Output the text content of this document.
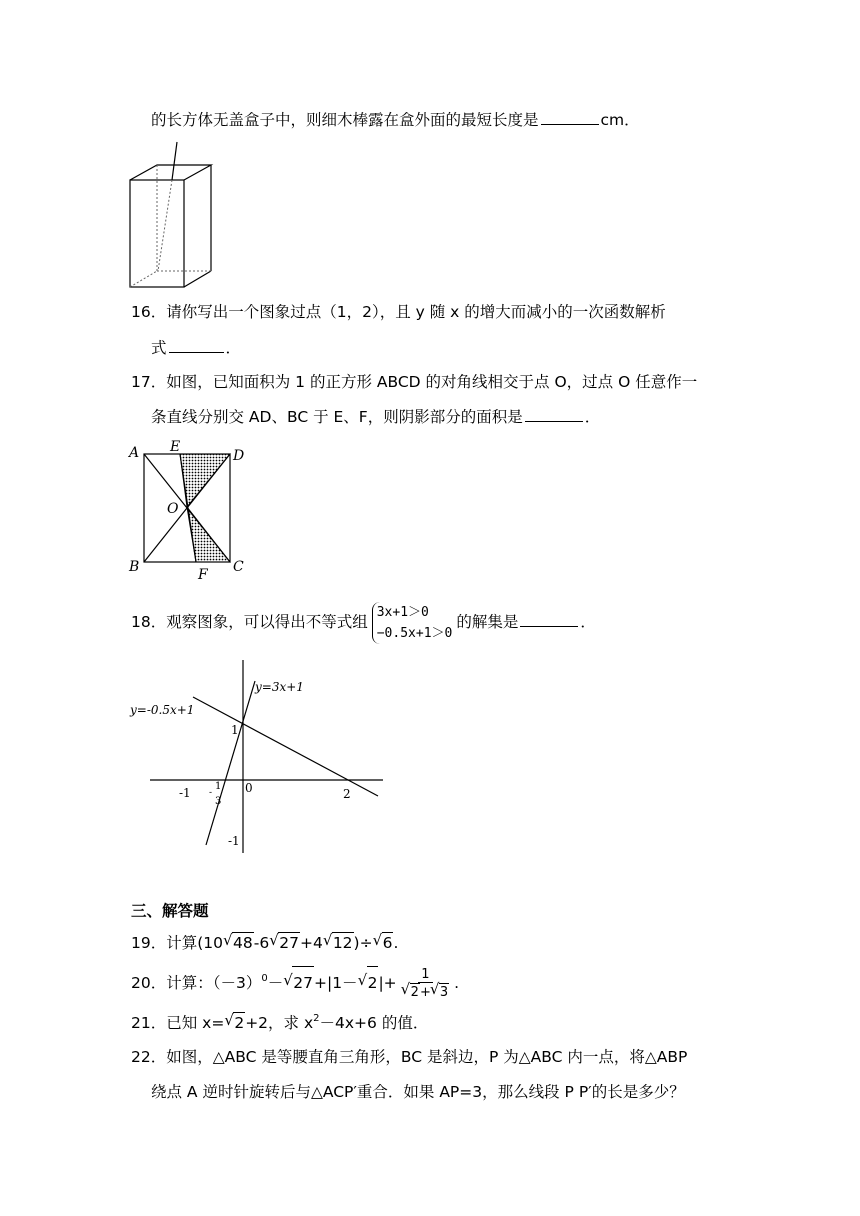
的长方体无盖盒子中，则细木棒露在盒外面的最短长度是	cm．
16．请你写出一个图象过点（1，2），且 y 随 x 的增大而减小的一次函数解析
式	．
17．如图，已知面积为 1 的正方形 ABCD 的对角线相交于点 O，过点 O 任意作一
条直线分别交 AD、BC 于 E、F，则阴影部分的面积是	．
A
B	C
D
E
F
O
18．观察图象，可以得出不等式组
3x+1＞0
−0.5x+1＞0
的解集是	．
y=3x+1
y=-0.5x+1
-1	0	2
1
-1
-
1
3
三、解答题
19．计算(10√ 48-6√ 27+4√ 12)÷√ 6.
20．计算：$(-3)^0-√$ 27+|1－√ 2|+ 1
√ 2+√ 3 .
21．已知 x=√ 2+2，求 $x^2-4x+6$ 的值．
22．如图，△ABC 是等腰直角三角形，BC 是斜边，P 为△ABC 内一点，将△ABP
绕点 A 逆时针旋转后与△ACP′重合．如果 AP=3，那么线段 P P′的长是多少？
